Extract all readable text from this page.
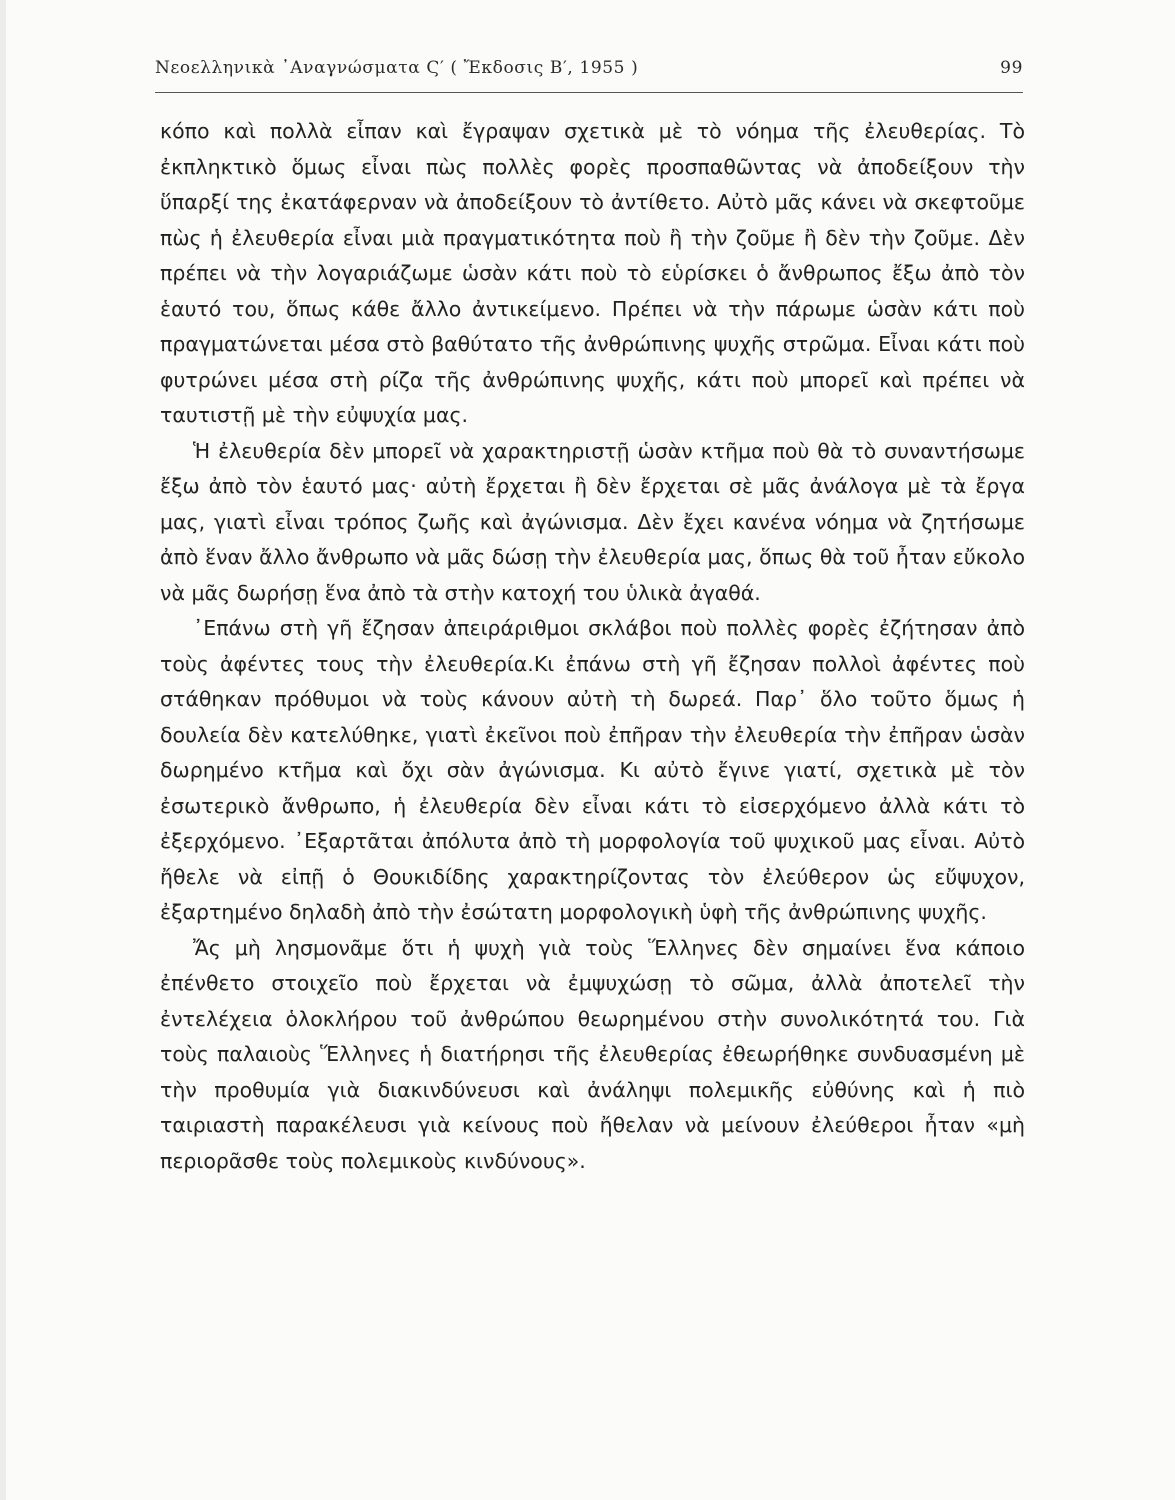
Νεοελληνικὰ ᾿Αναγνώσματα Ϛ′ ( Ἔκδοσις Β′, 1955 )	99

κόπο καὶ πολλὰ εἶπαν καὶ ἔγραψαν σχετικὰ μὲ τὸ νόημα τῆς ἐλευθερίας. Τὸ ἐκπληκτικὸ ὅμως εἶναι πὼς πολλὲς φορὲς προσπαθῶντας νὰ ἀποδείξουν τὴν ὕπαρξί της ἐκατάφερναν νὰ ἀποδείξουν τὸ ἀντίθετο. Αὐτὸ μᾶς κάνει νὰ σκεφτοῦμε πὼς ἡ ἐλευθερία εἶναι μιὰ πραγματικότητα ποὺ ἢ τὴν ζοῦμε ἢ δὲν τὴν ζοῦμε. Δὲν πρέπει νὰ τὴν λογαριάζωμε ὡσὰν κάτι ποὺ τὸ εὑρίσκει ὁ ἄνθρωπος ἔξω ἀπὸ τὸν ἑαυτό του, ὅπως κάθε ἄλλο ἀντικείμενο. Πρέπει νὰ τὴν πάρωμε ὡσὰν κάτι ποὺ πραγματώνεται μέσα στὸ βαθύτατο τῆς ἀνθρώπινης ψυχῆς στρῶμα. Εἶναι κάτι ποὺ φυτρώνει μέσα στὴ ρίζα τῆς ἀνθρώπινης ψυχῆς, κάτι ποὺ μπορεῖ καὶ πρέπει νὰ ταυτιστῇ μὲ τὴν εὐψυχία μας.

Ἡ ἐλευθερία δὲν μπορεῖ νὰ χαρακτηριστῇ ὡσὰν κτῆμα ποὺ θὰ τὸ συναντήσωμε ἔξω ἀπὸ τὸν ἑαυτό μας· αὐτὴ ἔρχεται ἢ δὲν ἔρχεται σὲ μᾶς ἀνάλογα μὲ τὰ ἔργα μας, γιατὶ εἶναι τρόπος ζωῆς καὶ ἀγώνισμα. Δὲν ἔχει κανένα νόημα νὰ ζητήσωμε ἀπὸ ἕναν ἄλλο ἄνθρωπο νὰ μᾶς δώσῃ τὴν ἐλευθερία μας, ὅπως θὰ τοῦ ἦταν εὔκολο νὰ μᾶς δωρήσῃ ἕνα ἀπὸ τὰ στὴν κατοχή του ὑλικὰ ἀγαθά.

᾿Επάνω στὴ γῆ ἔζησαν ἀπειράριθμοι σκλάβοι ποὺ πολλὲς φορὲς ἐζήτησαν ἀπὸ τοὺς ἀφέντες τους τὴν ἐλευθερία.Κι ἐπάνω στὴ γῆ ἔζησαν πολλοὶ ἀφέντες ποὺ στάθηκαν πρόθυμοι νὰ τοὺς κάνουν αὐτὴ τὴ δωρεά. Παρ᾿ ὅλο τοῦτο ὅμως ἡ δουλεία δὲν κατελύθηκε, γιατὶ ἐκεῖνοι ποὺ ἐπῆραν τὴν ἐλευθερία τὴν ἐπῆραν ὡσὰν δωρημένο κτῆμα καὶ ὄχι σὰν ἀγώνισμα. Κι αὐτὸ ἔγινε γιατί, σχετικὰ μὲ τὸν ἐσωτερικὸ ἄνθρωπο, ἡ ἐλευθερία δὲν εἶναι κάτι τὸ εἰσερχόμενο ἀλλὰ κάτι τὸ ἐξερχόμενο. ᾿Εξαρτᾶται ἀπόλυτα ἀπὸ τὴ μορφολογία τοῦ ψυχικοῦ μας εἶναι. Αὐτὸ ἤθελε νὰ εἰπῇ ὁ Θουκιδίδης χαρακτηρίζοντας τὸν ἐλεύθερον ὡς εὔψυχον, ἐξαρτημένο δηλαδὴ ἀπὸ τὴν ἐσώτατη μορφολογικὴ ὑφὴ τῆς ἀνθρώπινης ψυχῆς.

Ἄς μὴ λησμονᾶμε ὅτι ἡ ψυχὴ γιὰ τοὺς Ἕλληνες δὲν σημαίνει ἕνα κάποιο ἐπένθετο στοιχεῖο ποὺ ἔρχεται νὰ ἐμψυχώσῃ τὸ σῶμα, ἀλλὰ ἀποτελεῖ τὴν ἐντελέχεια ὁλοκλήρου τοῦ ἀνθρώπου θεωρημένου στὴν συνολικότητά του. Γιὰ τοὺς παλαιοὺς Ἕλληνες ἡ διατήρησι τῆς ἐλευθερίας ἐθεωρήθηκε συνδυασμένη μὲ τὴν προθυμία γιὰ διακινδύνευσι καὶ ἀνάληψι πολεμικῆς εὐθύνης καὶ ἡ πιὸ ταιριαστὴ παρακέλευσι γιὰ κείνους ποὺ ἤθελαν νὰ μείνουν ἐλεύθεροι ἦταν «μὴ περιορᾶσθε τοὺς πολεμικοὺς κινδύνους».
